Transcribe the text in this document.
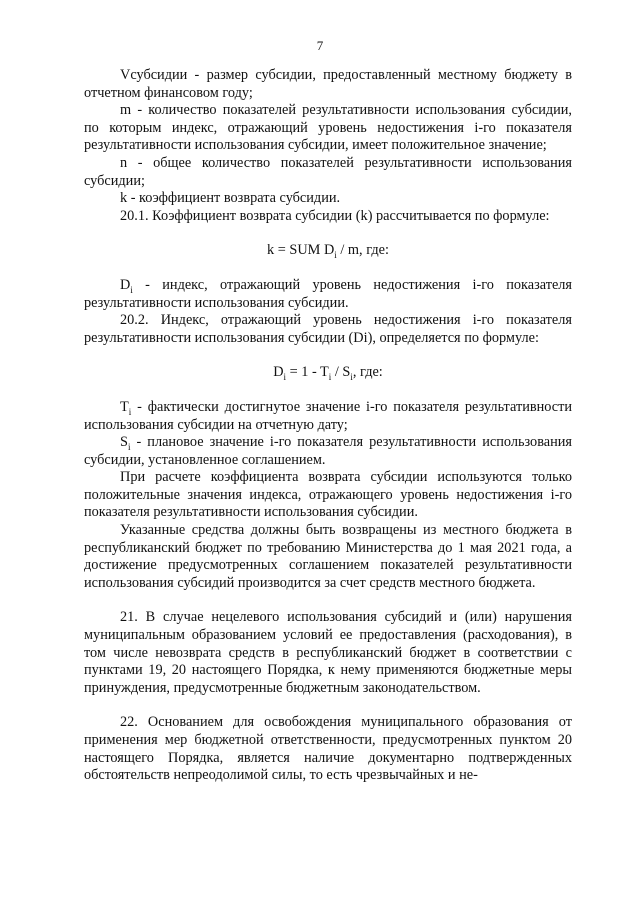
7

Vсубсидии - размер субсидии, предоставленный местному бюджету в отчетном финансовом году;

m - количество показателей результативности использования субсидии, по которым индекс, отражающий уровень недостижения i-го показателя результативности использования субсидии, имеет положительное значение;

n - общее количество показателей результативности использования субсидии;

k - коэффициент возврата субсидии.

20.1. Коэффициент возврата субсидии (k) рассчитывается по формуле:

k = SUM $D_i$ / m, где:

$D_i$ - индекс, отражающий уровень недостижения i-го показателя результативности использования субсидии.

20.2. Индекс, отражающий уровень недостижения i-го показателя результативности использования субсидии (Di), определяется по формуле:

$D_i = 1 - T_i / S_i$, где:

$T_i$ - фактически достигнутое значение i-го показателя результативности использования субсидии на отчетную дату;

$S_i$ - плановое значение i-го показателя результативности использования субсидии, установленное соглашением.

При расчете коэффициента возврата субсидии используются только положительные значения индекса, отражающего уровень недостижения i-го показателя результативности использования субсидии.

Указанные средства должны быть возвращены из местного бюджета в республиканский бюджет по требованию Министерства до 1 мая 2021 года, а достижение предусмотренных соглашением показателей результативности использования субсидий производится за счет средств местного бюджета.

21. В случае нецелевого использования субсидий и (или) нарушения муниципальным образованием условий ее предоставления (расходования), в том числе невозврата средств в республиканский бюджет в соответствии с пунктами 19, 20 настоящего Порядка, к нему применяются бюджетные меры принуждения, предусмотренные бюджетным законодательством.

22. Основанием для освобождения муниципального образования от применения мер бюджетной ответственности, предусмотренных пунктом 20 настоящего Порядка, является наличие документарно подтвержденных обстоятельств непреодолимой силы, то есть чрезвычайных и не-
